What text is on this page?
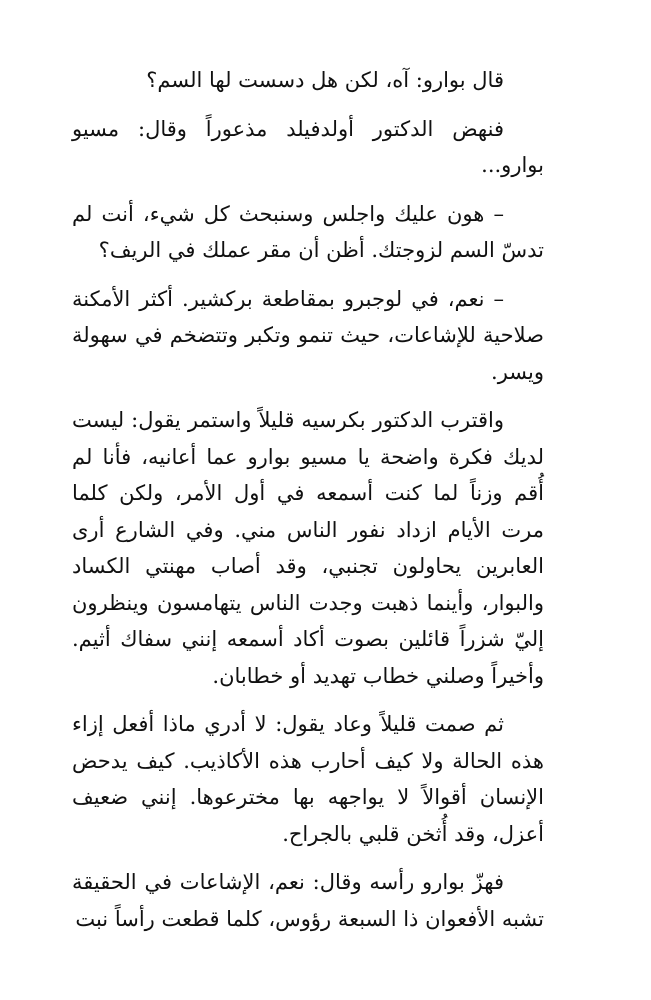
قال بوارو: آه، لكن هل دسست لها السم؟

فنهض الدكتور أولدفيلد مذعوراً وقال: مسيو بوارو...

– هون عليك واجلس وسنبحث كل شيء، أنت لم تدسّ السم لزوجتك. أظن أن مقر عملك في الريف؟

– نعم، في لوجبرو بمقاطعة بركشير. أكثر الأمكنة صلاحية للإشاعات، حيث تنمو وتكبر وتتضخم في سهولة ويسر.

واقترب الدكتور بكرسيه قليلاً واستمر يقول: ليست لديك فكرة واضحة يا مسيو بوارو عما أعانيه، فأنا لم أُقم وزناً لما كنت أسمعه في أول الأمر، ولكن كلما مرت الأيام ازداد نفور الناس مني. وفي الشارع أرى العابرين يحاولون تجنبي، وقد أصاب مهنتي الكساد والبوار، وأينما ذهبت وجدت الناس يتهامسون وينظرون إليّ شزراً قائلين بصوت أكاد أسمعه إنني سفاك أثيم. وأخيراً وصلني خطاب تهديد أو خطابان.

ثم صمت قليلاً وعاد يقول: لا أدري ماذا أفعل إزاء هذه الحالة ولا كيف أحارب هذه الأكاذيب. كيف يدحض الإنسان أقوالاً لا يواجهه بها مخترعوها. إنني ضعيف أعزل، وقد أُثخن قلبي بالجراح.

فهزّ بوارو رأسه وقال: نعم، الإشاعات في الحقيقة تشبه الأفعوان ذا السبعة رؤوس، كلما قطعت رأساً نبت
